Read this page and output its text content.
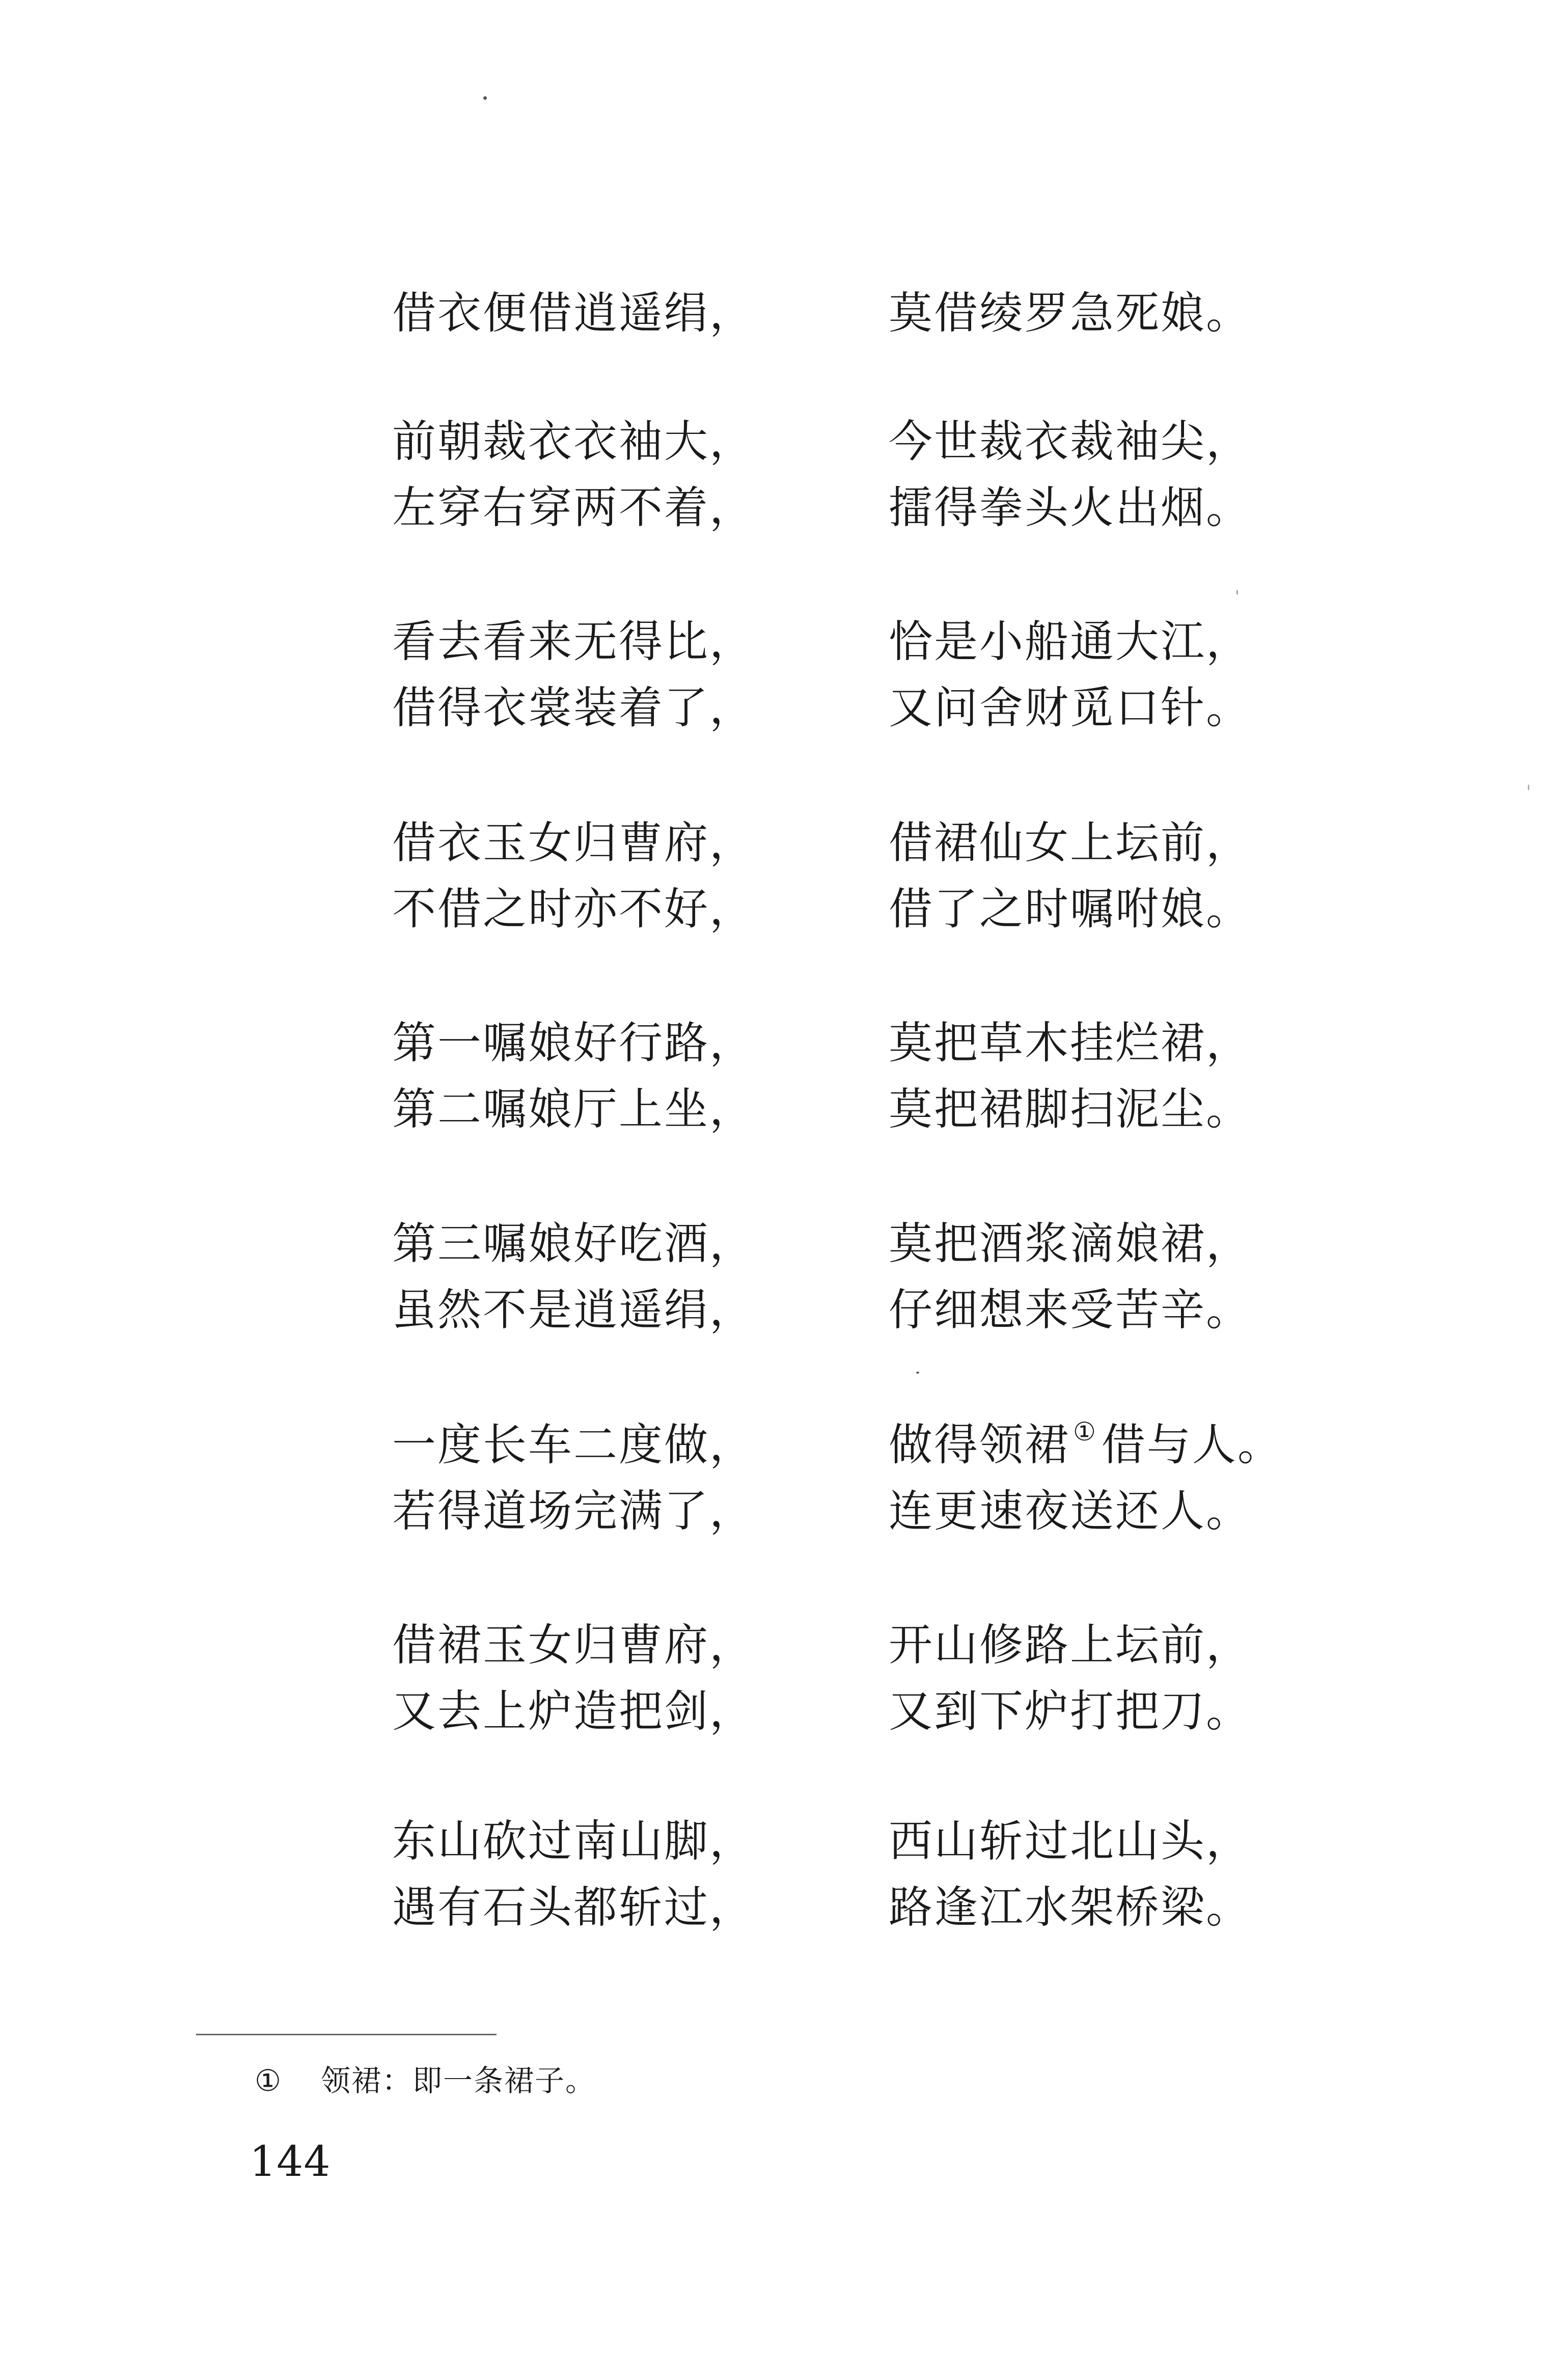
借衣便借逍遥绢，	莫借绫罗急死娘。
前朝裁衣衣袖大，	今世裁衣裁袖尖，
左穿右穿两不着，	擂得拳头火出烟。
看去看来无得比，	恰是小船通大江，
借得衣裳装着了，	又问舍财觅口针。
借衣玉女归曹府，	借裙仙女上坛前，
不借之时亦不好，	借了之时嘱咐娘。
第一嘱娘好行路，	莫把草木挂烂裙，
第二嘱娘厅上坐，	莫把裙脚扫泥尘。
第三嘱娘好吃酒，	莫把酒浆滴娘裙，
虽然不是逍遥绢，	仔细想来受苦辛。
一度长车二度做，	做得领裙 ①借与人。
若得道场完满了，	连更速夜送还人。
借裙玉女归曹府，	开山修路上坛前，
又去上炉造把剑，	又到下炉打把刀。
东山砍过南山脚，	西山斩过北山头，
遇有石头都斩过，	路逢江水架桥梁。
① 领裙：即一条裙子。
144
